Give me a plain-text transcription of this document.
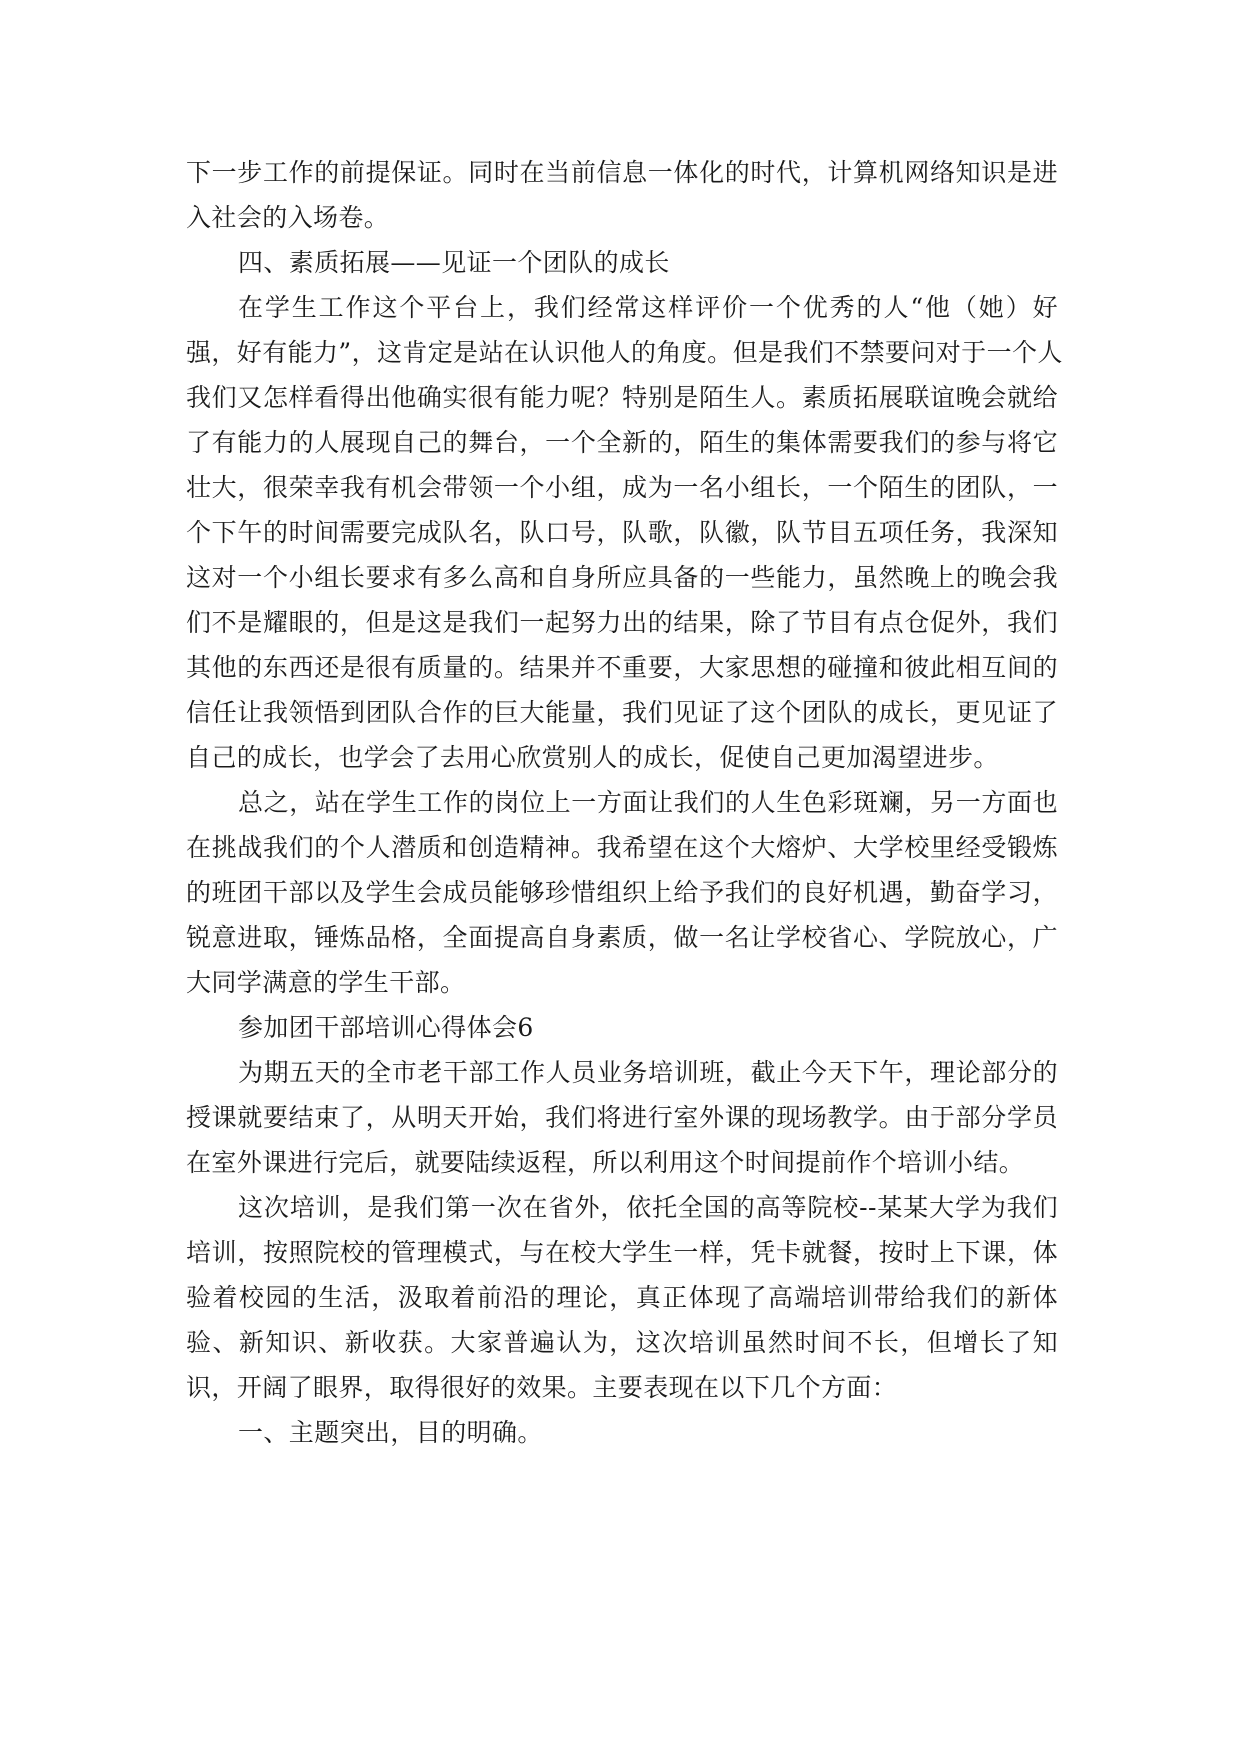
下一步工作的前提保证。同时在当前信息一体化的时代，计算机网络知识是进
入社会的入场卷。
四、素质拓展——见证一个团队的成长
在学生工作这个平台上，我们经常这样评价一个优秀的人“他（她）好
强，好有能力”，这肯定是站在认识他人的角度。但是我们不禁要问对于一个人
我们又怎样看得出他确实很有能力呢？特别是陌生人。素质拓展联谊晚会就给
了有能力的人展现自己的舞台，一个全新的，陌生的集体需要我们的参与将它
壮大，很荣幸我有机会带领一个小组，成为一名小组长，一个陌生的团队，一
个下午的时间需要完成队名，队口号，队歌，队徽，队节目五项任务，我深知
这对一个小组长要求有多么高和自身所应具备的一些能力，虽然晚上的晚会我
们不是耀眼的，但是这是我们一起努力出的结果，除了节目有点仓促外，我们
其他的东西还是很有质量的。结果并不重要，大家思想的碰撞和彼此相互间的
信任让我领悟到团队合作的巨大能量，我们见证了这个团队的成长，更见证了
自己的成长，也学会了去用心欣赏别人的成长，促使自己更加渴望进步。
总之，站在学生工作的岗位上一方面让我们的人生色彩斑斓，另一方面也
在挑战我们的个人潜质和创造精神。我希望在这个大熔炉、大学校里经受锻炼
的班团干部以及学生会成员能够珍惜组织上给予我们的良好机遇，勤奋学习，
锐意进取，锤炼品格，全面提高自身素质，做一名让学校省心、学院放心，广
大同学满意的学生干部。
参加团干部培训心得体会6
为期五天的全市老干部工作人员业务培训班，截止今天下午，理论部分的
授课就要结束了，从明天开始，我们将进行室外课的现场教学。由于部分学员
在室外课进行完后，就要陆续返程，所以利用这个时间提前作个培训小结。
这次培训，是我们第一次在省外，依托全国的高等院校--某某大学为我们
培训，按照院校的管理模式，与在校大学生一样，凭卡就餐，按时上下课，体
验着校园的生活，汲取着前沿的理论，真正体现了高端培训带给我们的新体
验、新知识、新收获。大家普遍认为，这次培训虽然时间不长，但增长了知
识，开阔了眼界，取得很好的效果。主要表现在以下几个方面：
一、主题突出，目的明确。
